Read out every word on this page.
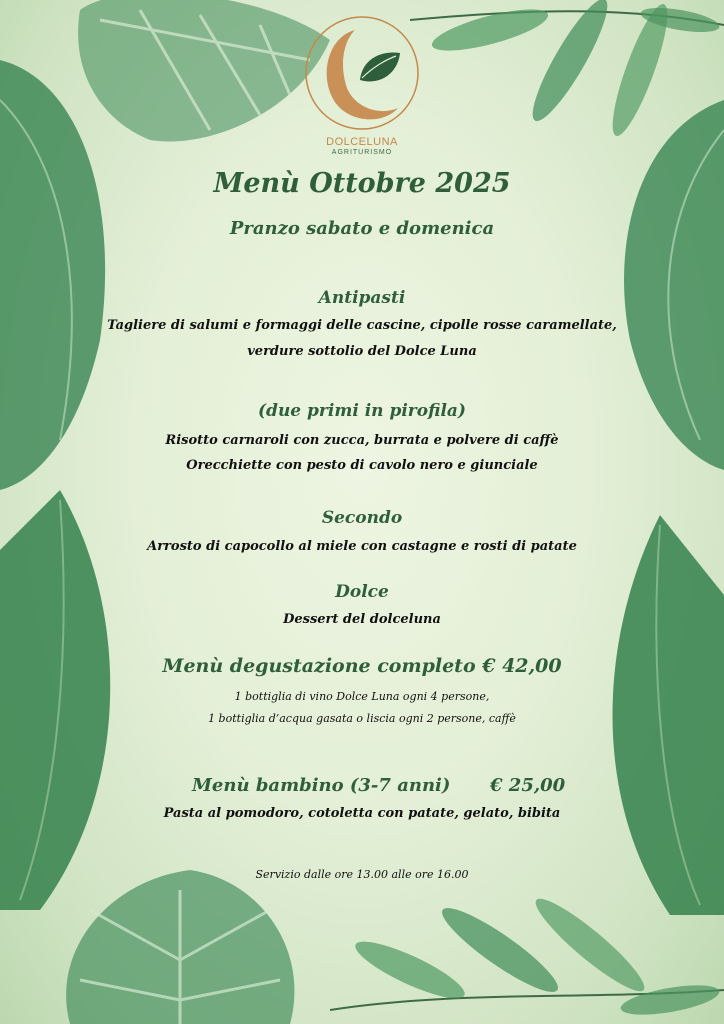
DOLCELUNA
AGRITURISMO
Menù Ottobre 2025
Pranzo sabato e domenica
Antipasti
Tagliere di salumi e formaggi delle cascine, cipolle rosse caramellate,
verdure sottolio del Dolce Luna
(due primi in pirofila)
Risotto carnaroli con zucca, burrata e polvere di caffè
Orecchiette con pesto di cavolo nero e giunciale
Secondo
Arrosto di capocollo al miele con castagne e rosti di patate
Dolce
Dessert del dolceluna
Menù degustazione completo € 42,00
1 bottiglia di vino Dolce Luna ogni 4 persone,
1 bottiglia d’acqua gasata o liscia ogni 2 persone, caffè
Menù bambino (3-7 anni) € 25,00
Pasta al pomodoro, cotoletta con patate, gelato, bibita
Servizio dalle ore 13.00 alle ore 16.00
